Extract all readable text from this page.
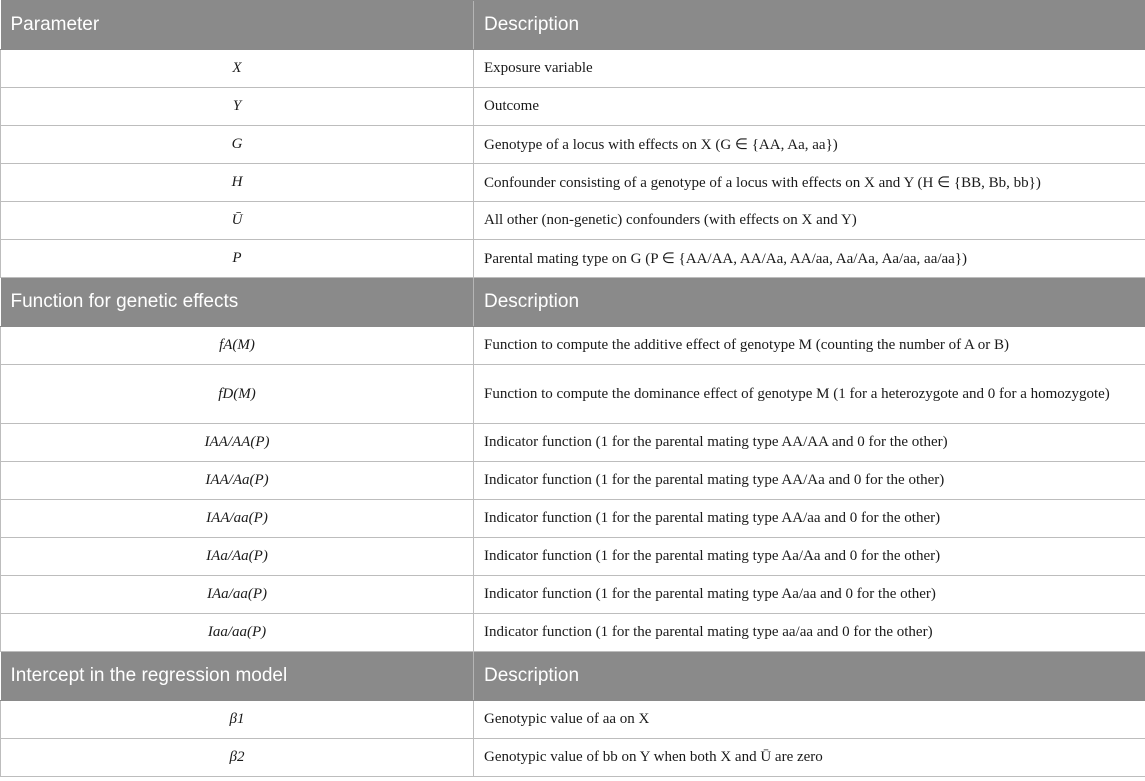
Parameter	Description
X	Exposure variable
Y	Outcome
G	Genotype of a locus with effects on X (G ∈ {AA, Aa, aa})
H	Confounder consisting of a genotype of a locus with effects on X and Y (H ∈ {BB, Bb, bb})
Ū	All other (non-genetic) confounders (with effects on X and Y)
P	Parental mating type on G (P ∈ {AA/AA, AA/Aa, AA/aa, Aa/Aa, Aa/aa, aa/aa})
Function for genetic effects	Description
fA(M)	Function to compute the additive effect of genotype M (counting the number of A or B)
fD(M)	Function to compute the dominance effect of genotype M (1 for a heterozygote and 0 for a homozygote)
IAA/AA(P)	Indicator function (1 for the parental mating type AA/AA and 0 for the other)
IAA/Aa(P)	Indicator function (1 for the parental mating type AA/Aa and 0 for the other)
IAA/aa(P)	Indicator function (1 for the parental mating type AA/aa and 0 for the other)
IAa/Aa(P)	Indicator function (1 for the parental mating type Aa/Aa and 0 for the other)
IAa/aa(P)	Indicator function (1 for the parental mating type Aa/aa and 0 for the other)
Iaa/aa(P)	Indicator function (1 for the parental mating type aa/aa and 0 for the other)
Intercept in the regression model	Description
β1	Genotypic value of aa on X
β2	Genotypic value of bb on Y when both X and Ū are zero
